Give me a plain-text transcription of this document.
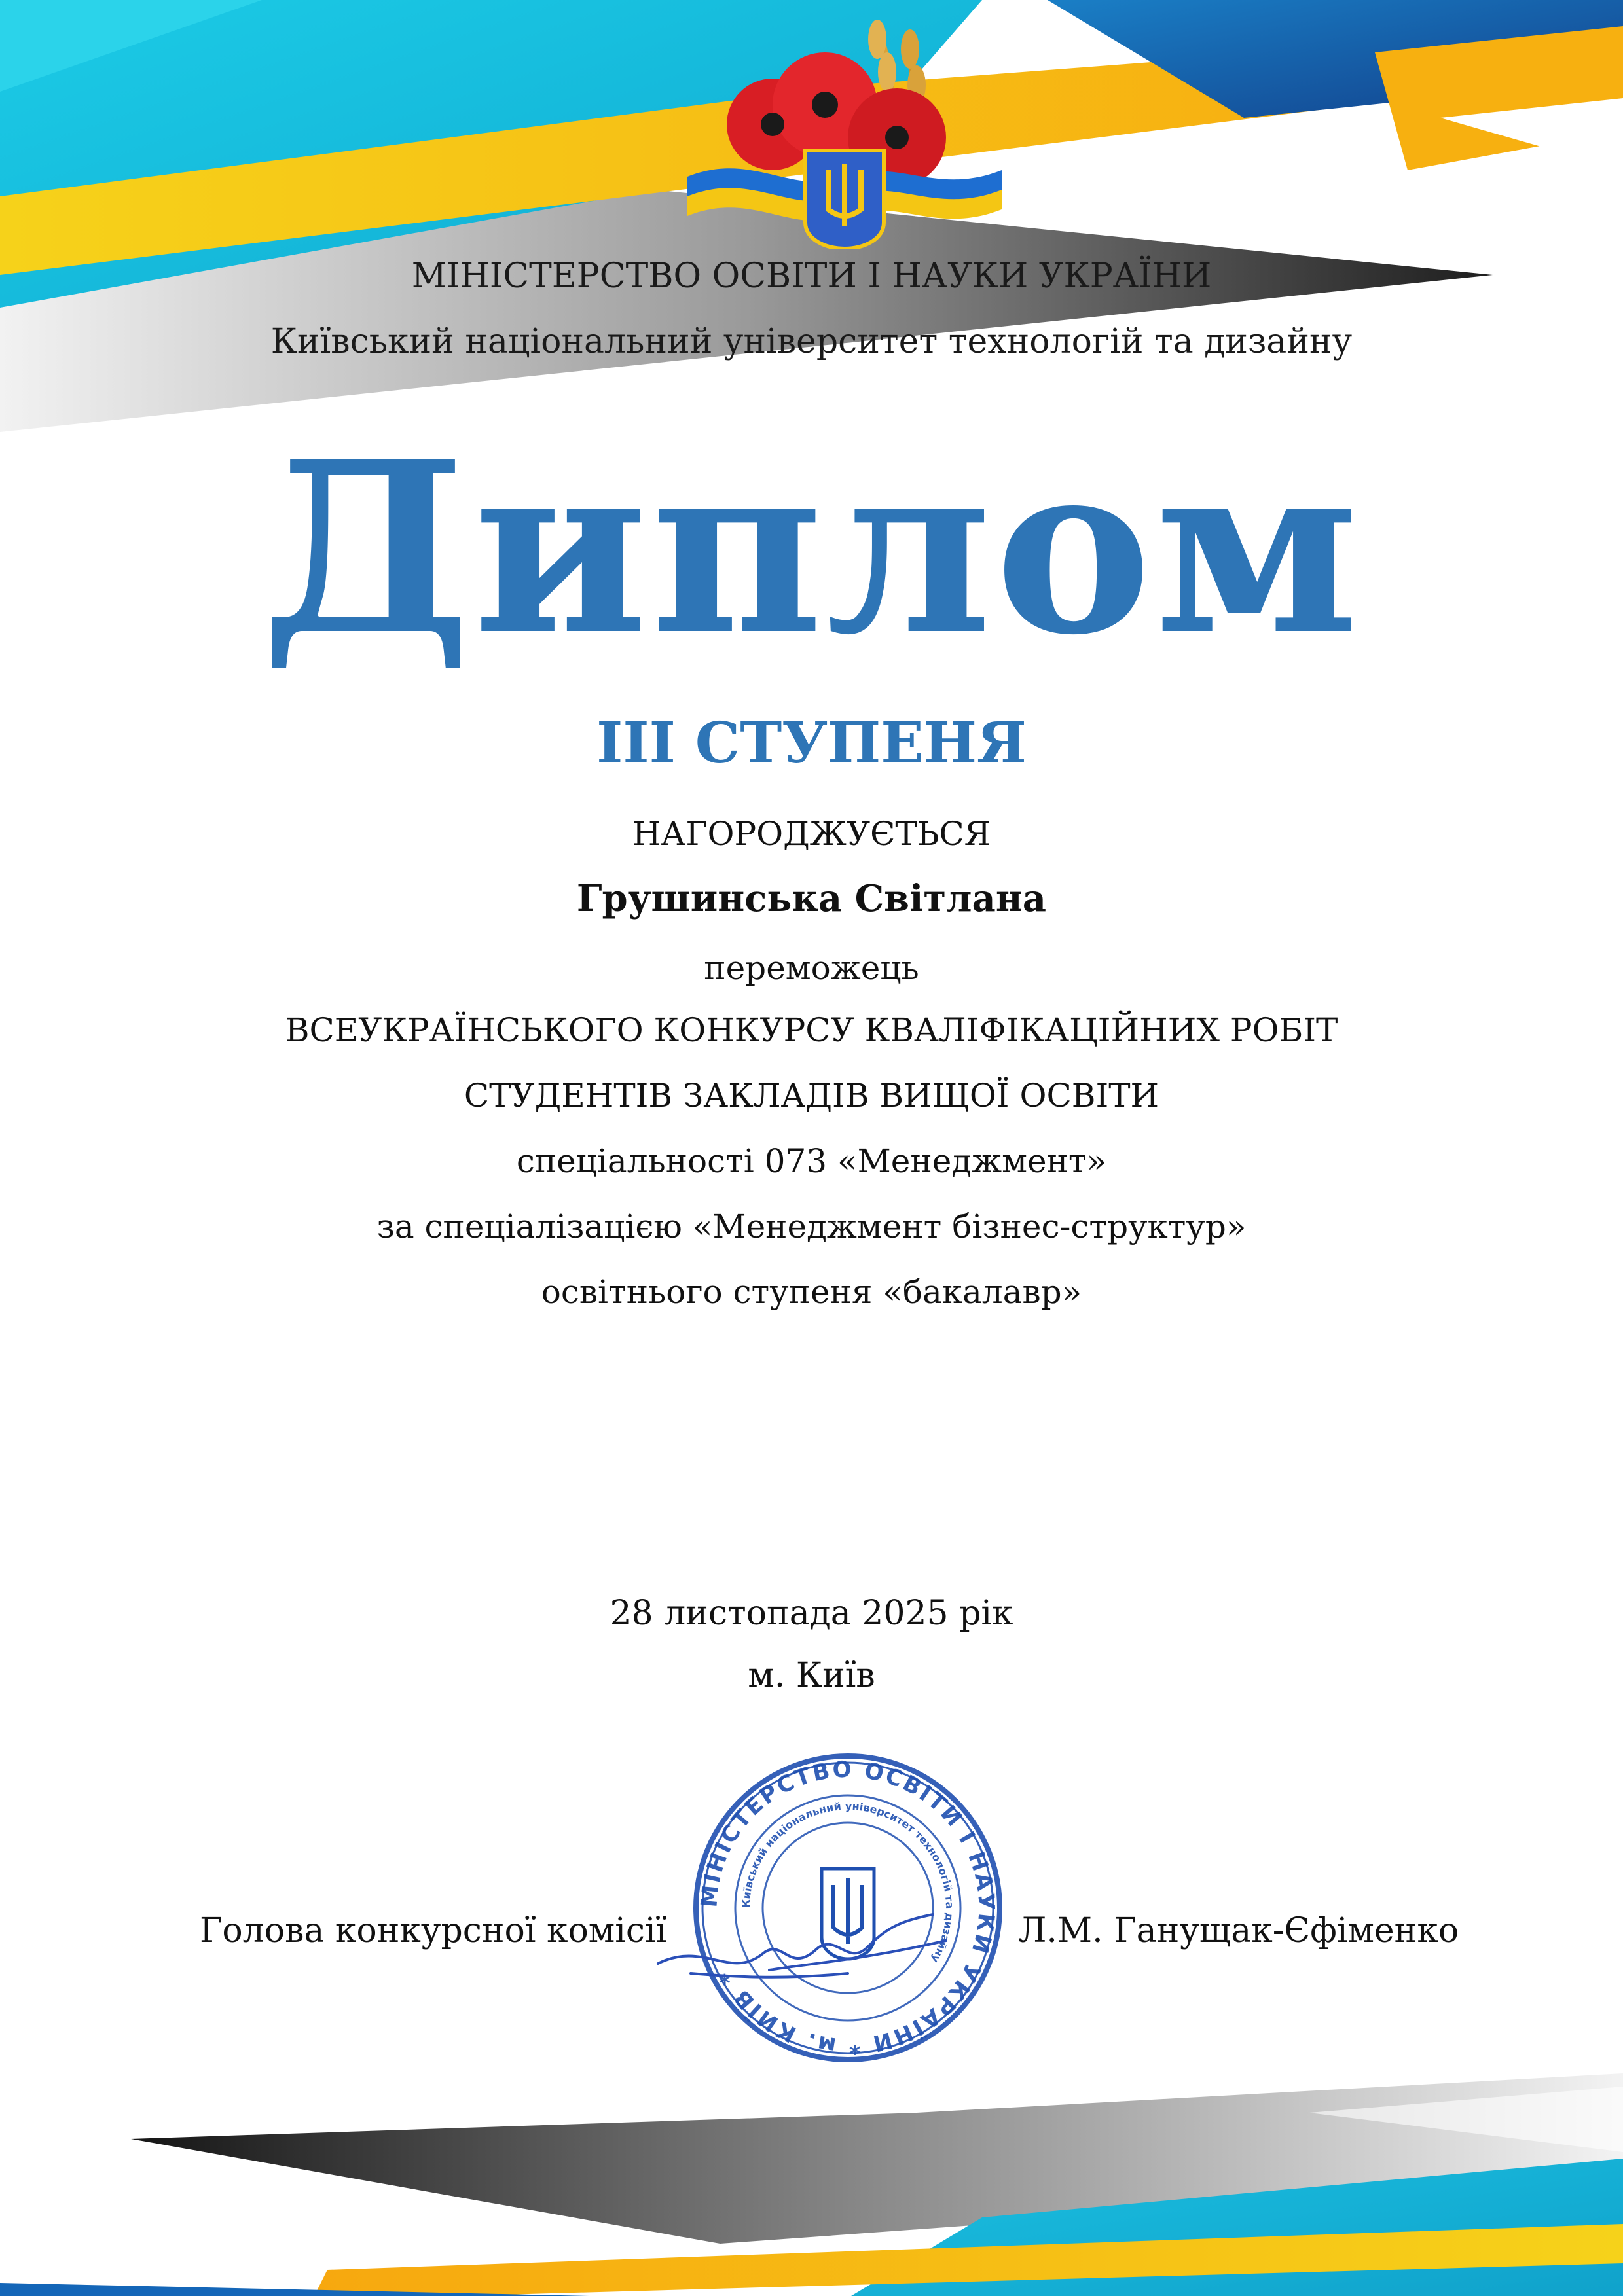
МІНІСТЕРСТВО ОСВІТИ І НАУКИ УКРАЇНИ
Київський національний університет технологій та дизайну
Диплом
ІІІ СТУПЕНЯ
НАГОРОДЖУЄТЬСЯ
Грушинська Світлана
переможець
ВСЕУКРАЇНСЬКОГО КОНКУРСУ КВАЛІФІКАЦІЙНИХ РОБІТ
СТУДЕНТІВ ЗАКЛАДІВ ВИЩОЇ ОСВІТИ
спеціальності 073 «Менеджмент»
за спеціалізацією «Менеджмент бізнес-структур»
освітнього ступеня «бакалавр»
28 листопада 2025 рік
м. Київ
Голова конкурсної комісії	Л.М. Ганущак-Єфіменко
МІНІСТЕРСТВО ОСВІТИ І НАУКИ УКРАЇНИ * м. КИЇВ *
Київський національний університет технологій та дизайну
